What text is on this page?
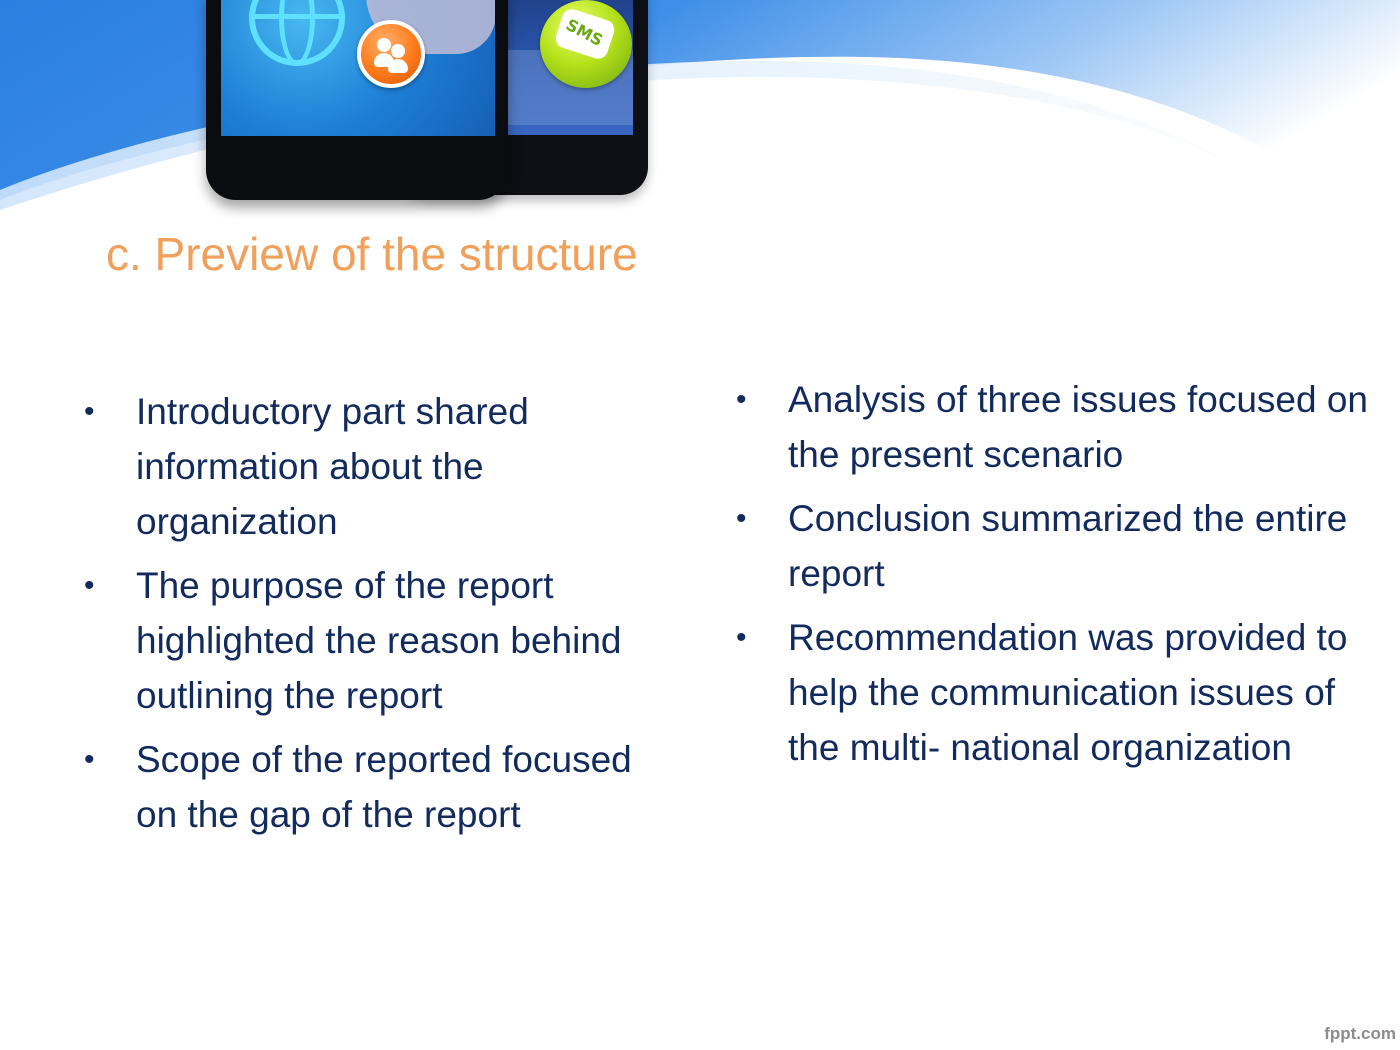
SMS
c. Preview of the structure
•	Introductory part shared information about the organization
•	The purpose of the report highlighted the reason behind outlining the report
•	Scope of the reported focused on the gap of the report
•	Analysis of three issues focused on the present scenario
•	Conclusion summarized the entire report
•	Recommendation was provided to help the communication issues of the multi- national organization
fppt.com
